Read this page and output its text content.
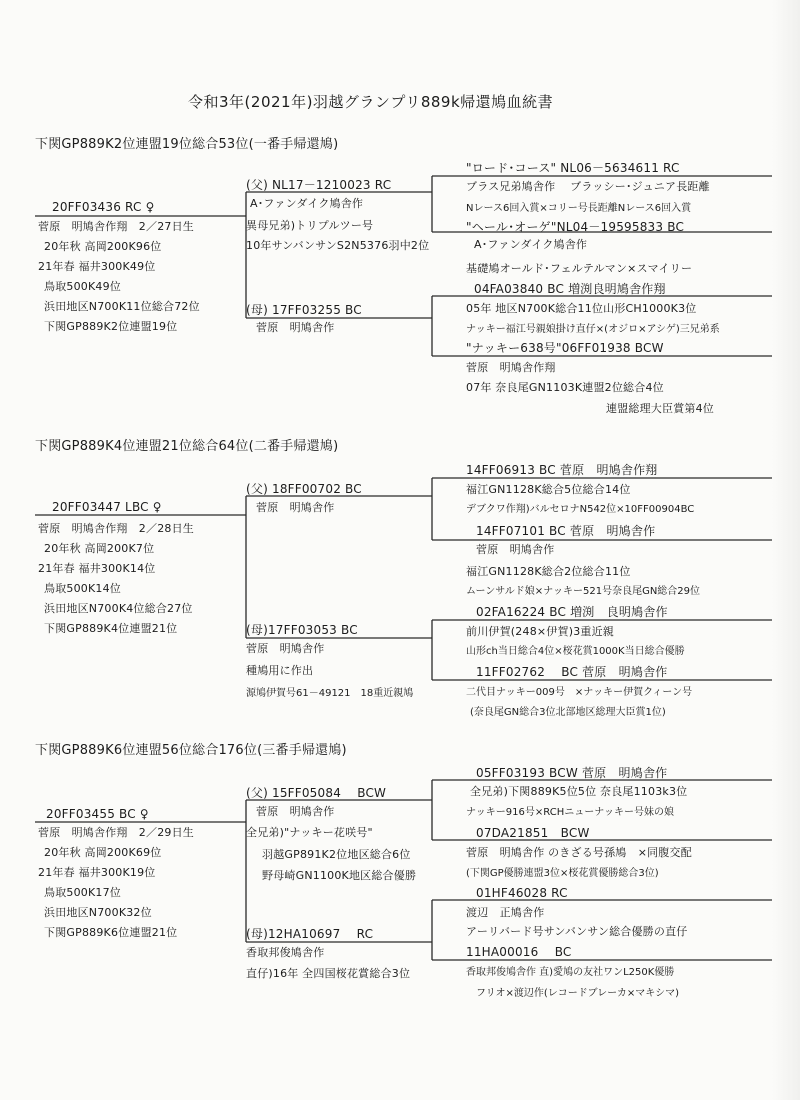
令和3年(2021年)羽越グランプリ889k帰還鳩血統書
下関GP889K2位連盟19位総合53位(一番手帰還鳩)
20FF03436 RC ♀
菅原　明鳩舎作翔　2／27日生
20年秋 高岡200K96位
21年春 福井300K49位
鳥取500K49位
浜田地区N700K11位総合72位
下関GP889K2位連盟19位
(父) NL17－1210023 RC
A･ファンダイク鳩舎作
異母兄弟)トリプルツー号
10年サンバンサンS2N5376羽中2位
(母) 17FF03255 BC
菅原　明鳩舎作
"ロード･コース" NL06－5634611 RC
ブラス兄弟鳩舎作　 ブラッシー･ジュニア長距離
Nレース6回入賞×コリー号長距離Nレース6回入賞
"ヘール･オーゲ"NL04－19595833 BC
A･ファンダイク鳩舎作
基礎鳩オールド･フェルテルマン×スマイリー
04FA03840 BC 増渕良明鳩舎作翔
05年 地区N700K総合11位山形CH1000K3位
ナッキー福江号親娘掛け直仔×(オジロ×アシゲ)三兄弟系
"ナッキー638号"06FF01938 BCW
菅原　明鳩舎作翔
07年 奈良尾GN1103K連盟2位総合4位
連盟総理大臣賞第4位
下関GP889K4位連盟21位総合64位(二番手帰還鳩)
20FF03447 LBC ♀
菅原　明鳩舎作翔　2／28日生
20年秋 高岡200K7位
21年春 福井300K14位
鳥取500K14位
浜田地区N700K4位総合27位
下関GP889K4位連盟21位
(父) 18FF00702 BC
菅原　明鳩舎作
(母)17FF03053 BC
菅原　明鳩舎作
種鳩用に作出
源鳩伊賀号61－49121　18重近親鳩
14FF06913 BC 菅原　明鳩舎作翔
福江GN1128K総合5位総合14位
デブクワ作翔)バルセロナN542位×10FF00904BC
14FF07101 BC 菅原　明鳩舎作
菅原　明鳩舎作
福江GN1128K総合2位総合11位
ムーンサルド娘×ナッキー521号奈良尾GN総合29位
02FA16224 BC 増渕　良明鳩舎作
前川伊賀(248×伊賀)3重近親
山形ch当日総合4位×桜花賞1000K当日総合優勝
11FF02762　 BC 菅原　明鳩舎作
二代目ナッキー009号　×ナッキー伊賀クィーン号
(奈良尾GN総合3位北部地区総理大臣賞1位)
下関GP889K6位連盟56位総合176位(三番手帰還鳩)
20FF03455 BC ♀
菅原　明鳩舎作翔　2／29日生
20年秋 高岡200K69位
21年春 福井300K19位
鳥取500K17位
浜田地区N700K32位
下関GP889K6位連盟21位
(父) 15FF05084　 BCW
菅原　明鳩舎作
全兄弟)"ナッキー花咲号"
羽越GP891K2位地区総合6位
野母崎GN1100K地区総合優勝
(母)12HA10697　 RC
香取邦俊鳩舎作
直仔)16年 全四国桜花賞総合3位
05FF03193 BCW 菅原　明鳩舎作
全兄弟)下関889K5位5位 奈良尾1103k3位
ナッキー916号×RCHニューナッキー号妹の娘
07DA21851　BCW
菅原　明鳩舎作 のきざる号孫鳩　×同腹交配
(下関GP優勝連盟3位×桜花賞優勝総合3位)
01HF46028 RC
渡辺　正鳩舎作
アーリバード号サンバンサン総合優勝の直仔
11HA00016　 BC
香取邦俊鳩舎作 直)愛鳩の友社ワンL250K優勝
フリオ×渡辺作(レコードブレーカ×マキシマ)
